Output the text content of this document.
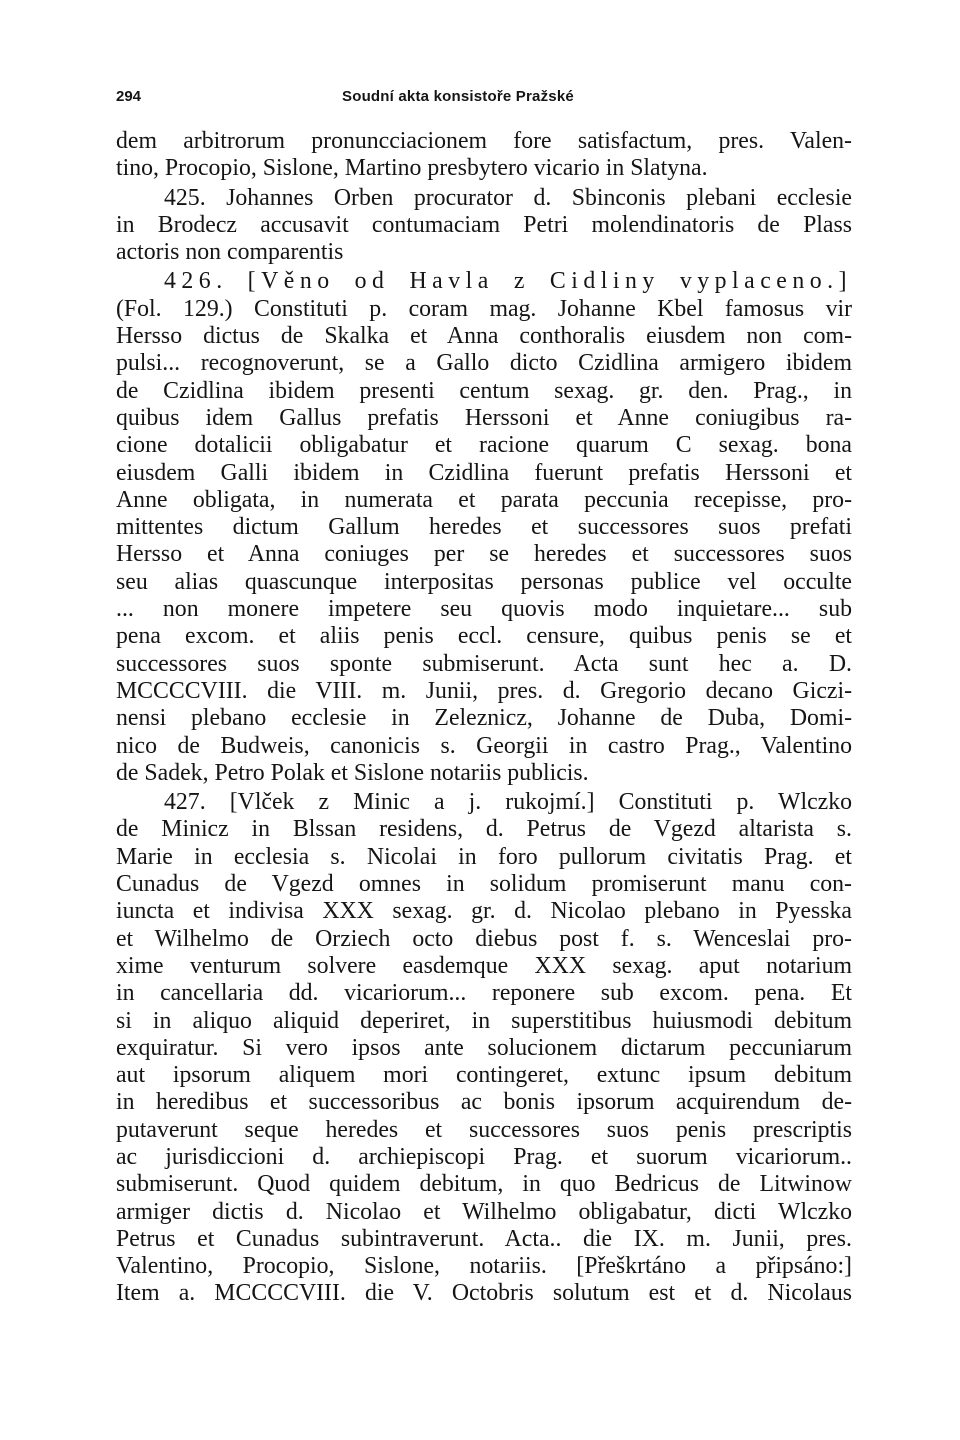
294	Soudní akta konsistoře Pražské
dem arbitrorum pronuncciacionem fore satisfactum, pres. Valen-
tino, Procopio, Sislone, Martino presbytero vicario in Slatyna.
425. Johannes Orben procurator d. Sbinconis plebani ecclesie
in Brodecz accusavit contumaciam Petri molendinatoris de Plass
actoris non comparentis
426. [Věno od Havla z Cidliny vyplaceno.]
(Fol. 129.) Constituti p. coram mag. Johanne Kbel famosus vir
Hersso dictus de Skalka et Anna conthoralis eiusdem non com-
pulsi... recognoverunt, se a Gallo dicto Czidlina armigero ibidem
de Czidlina ibidem presenti centum sexag. gr. den. Prag., in
quibus idem Gallus prefatis Herssoni et Anne coniugibus ra-
cione dotalicii obligabatur et racione quarum C sexag. bona
eiusdem Galli ibidem in Czidlina fuerunt prefatis Herssoni et
Anne obligata, in numerata et parata peccunia recepisse, pro-
mittentes dictum Gallum heredes et successores suos prefati
Hersso et Anna coniuges per se heredes et successores suos
seu alias quascunque interpositas personas publice vel occulte
... non monere impetere seu quovis modo inquietare... sub
pena excom. et aliis penis eccl. censure, quibus penis se et
successores suos sponte submiserunt. Acta sunt hec a. D.
MCCCCVIII. die VIII. m. Junii, pres. d. Gregorio decano Giczi-
nensi plebano ecclesie in Zeleznicz, Johanne de Duba, Domi-
nico de Budweis, canonicis s. Georgii in castro Prag., Valentino
de Sadek, Petro Polak et Sislone notariis publicis.
427. [Vlček z Minic a j. rukojmí.] Constituti p. Wlczko
de Minicz in Blssan residens, d. Petrus de Vgezd altarista s.
Marie in ecclesia s. Nicolai in foro pullorum civitatis Prag. et
Cunadus de Vgezd omnes in solidum promiserunt manu con-
iuncta et indivisa XXX sexag. gr. d. Nicolao plebano in Pyesska
et Wilhelmo de Orziech octo diebus post f. s. Wenceslai pro-
xime venturum solvere easdemque XXX sexag. aput notarium
in cancellaria dd. vicariorum... reponere sub excom. pena. Et
si in aliquo aliquid deperiret, in superstitibus huiusmodi debitum
exquiratur. Si vero ipsos ante solucionem dictarum peccuniarum
aut ipsorum aliquem mori contingeret, extunc ipsum debitum
in heredibus et successoribus ac bonis ipsorum acquirendum de-
putaverunt seque heredes et successores suos penis prescriptis
ac jurisdiccioni d. archiepiscopi Prag. et suorum vicariorum..
submiserunt. Quod quidem debitum, in quo Bedricus de Litwinow
armiger dictis d. Nicolao et Wilhelmo obligabatur, dicti Wlczko
Petrus et Cunadus subintraverunt. Acta.. die IX. m. Junii, pres.
Valentino, Procopio, Sislone, notariis. [Přeškrtáno a připsáno:]
Item a. MCCCCVIII. die V. Octobris solutum est et d. Nicolaus
